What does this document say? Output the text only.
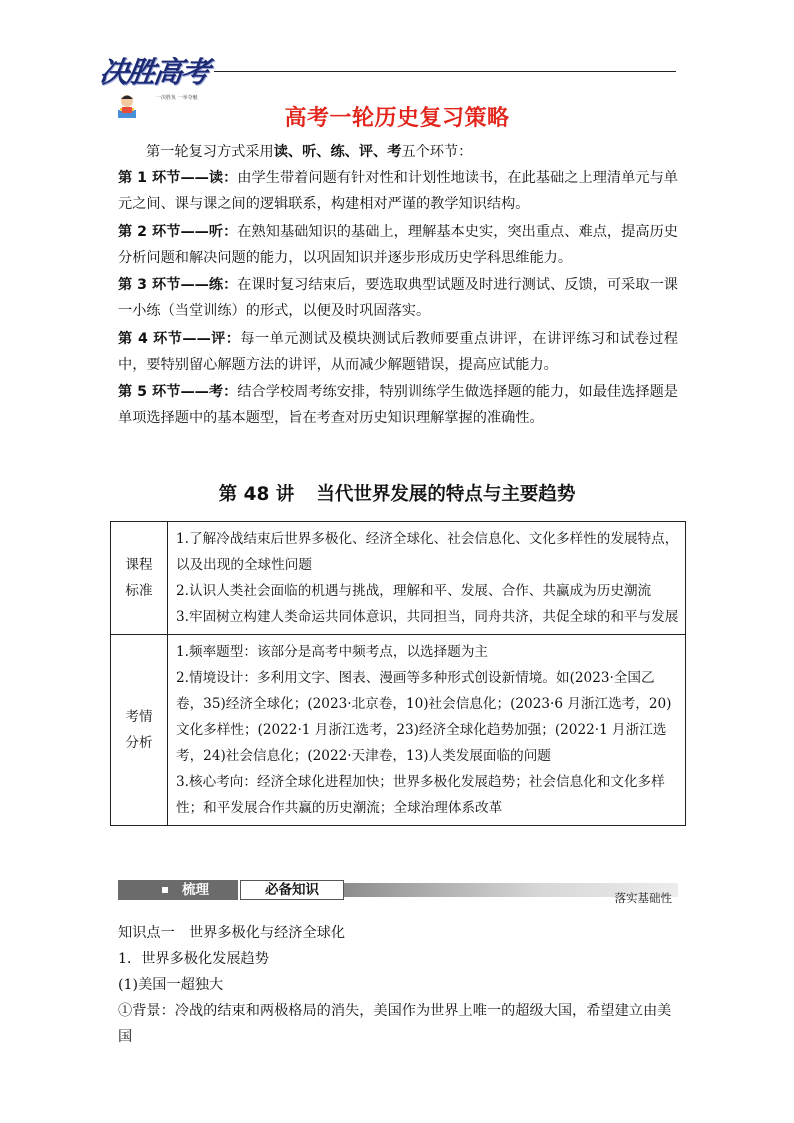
决胜高考
一决胜负 一举夺魁
高考一轮历史复习策略
第一轮复习方式采用读、听、练、评、考五个环节：
第 1 环节——读：由学生带着问题有针对性和计划性地读书，在此基础之上理清单元与单元之间、课与课之间的逻辑联系，构建相对严谨的教学知识结构。
第 2 环节——听：在熟知基础知识的基础上，理解基本史实，突出重点、难点，提高历史分析问题和解决问题的能力，以巩固知识并逐步形成历史学科思维能力。
第 3 环节——练：在课时复习结束后，要选取典型试题及时进行测试、反馈，可采取一课一小练（当堂训练）的形式，以便及时巩固落实。
第 4 环节——评：每一单元测试及模块测试后教师要重点讲评，在讲评练习和试卷过程中，要特别留心解题方法的讲评，从而减少解题错误，提高应试能力。
第 5 环节——考：结合学校周考练安排，特别训练学生做选择题的能力，如最佳选择题是单项选择题中的基本题型，旨在考查对历史知识理解掌握的准确性。
第 48 讲 当代世界发展的特点与主要趋势
课程
标准	1.了解冷战结束后世界多极化、经济全球化、社会信息化、文化多样性的发展特点，以及出现的全球性问题
2.认识人类社会面临的机遇与挑战，理解和平、发展、合作、共赢成为历史潮流
3.牢固树立构建人类命运共同体意识，共同担当，同舟共济，共促全球的和平与发展

考情
分析	1.频率题型：该部分是高考中频考点，以选择题为主
2.情境设计：多利用文字、图表、漫画等多种形式创设新情境。如(2023·全国乙卷，35)经济全球化；(2023·北京卷，10)社会信息化；(2023·6 月浙江选考，20)文化多样性；(2022·1 月浙江选考，23)经济全球化趋势加强；(2022·1 月浙江选考，24)社会信息化；(2022·天津卷，13)人类发展面临的问题
3.核心考向：经济全球化进程加快；世界多极化发展趋势；社会信息化和文化多样性；和平发展合作共赢的历史潮流；全球治理体系改革
梳理	必备知识	落实基础性
知识点一　世界多极化与经济全球化
1．世界多极化发展趋势
(1)美国一超独大
①背景：冷战的结束和两极格局的消失，美国作为世界上唯一的超级大国，希望建立由美国
